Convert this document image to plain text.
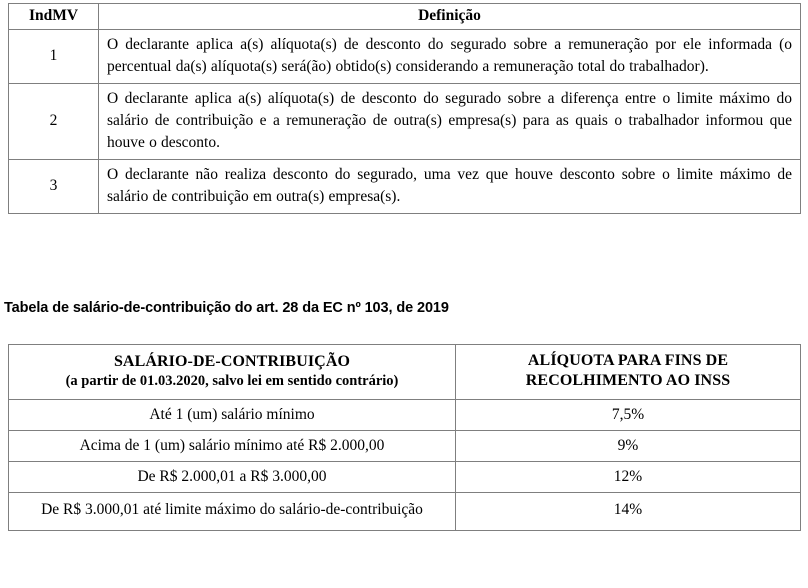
IndMV	Definição
1	O declarante aplica a(s) alíquota(s) de desconto do segurado sobre a remuneração por ele informada (o percentual da(s) alíquota(s) será(ão) obtido(s) considerando a remuneração total do trabalhador).
2	O declarante aplica a(s) alíquota(s) de desconto do segurado sobre a diferença entre o limite máximo do salário de contribuição e a remuneração de outra(s) empresa(s) para as quais o trabalhador informou que houve o desconto.
3	O declarante não realiza desconto do segurado, uma vez que houve desconto sobre o limite máximo de salário de contribuição em outra(s) empresa(s).
Tabela de salário-de-contribuição do art. 28 da EC nº 103, de 2019
SALÁRIO-DE-CONTRIBUIÇÃO
(a partir de 01.03.2020, salvo lei em sentido contrário)	ALÍQUOTA PARA FINS DE RECOLHIMENTO AO INSS
Até 1 (um) salário mínimo	7,5%
Acima de 1 (um) salário mínimo até R$ 2.000,00	9%
De R$ 2.000,01 a R$ 3.000,00	12%
De R$ 3.000,01 até limite máximo do salário-de-contribuição	14%
